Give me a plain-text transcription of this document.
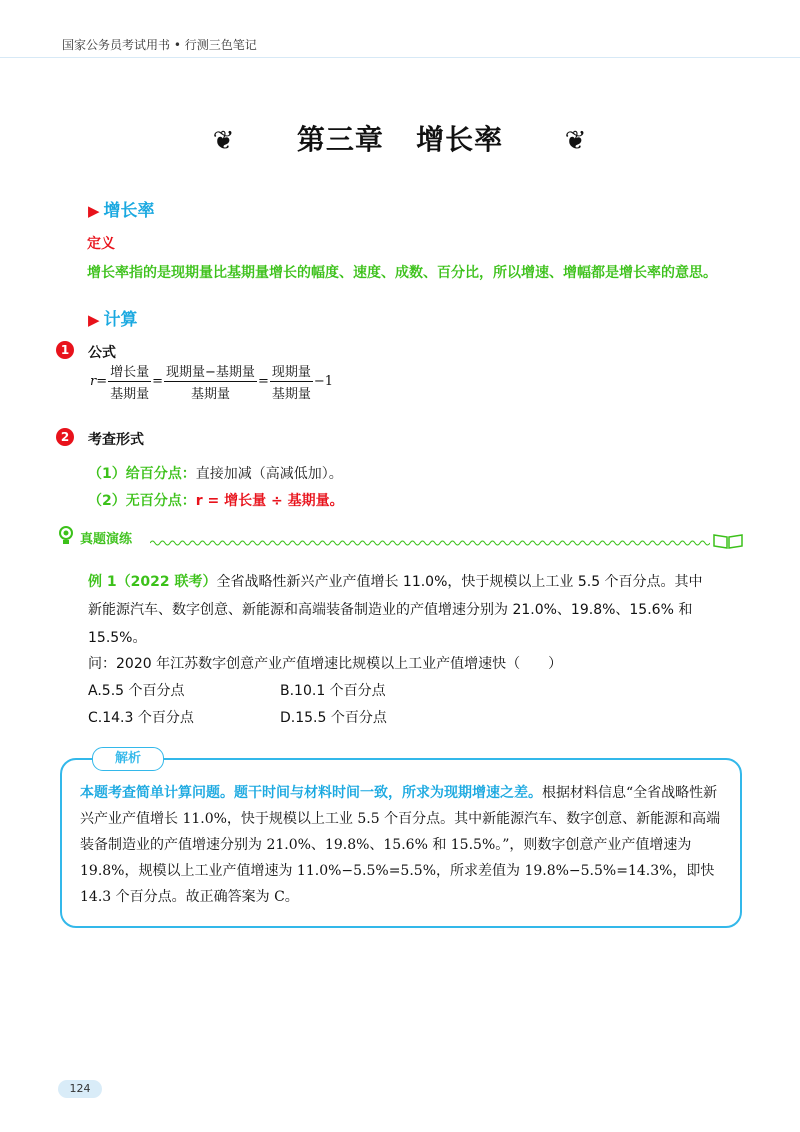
国家公务员考试用书 • 行测三色笔记
❦ 第三章   增长率 ❦
▶ 增长率
定义
增长率指的是现期量比基期量增长的幅度、速度、成数、百分比，所以增速、增幅都是增长率的意思。
▶ 计算
1	公式
$r= \frac{\text{增长量}}{\text{基期量}} = \frac{\text{现期量−基期量}}{\text{基期量}} = \frac{\text{现期量}}{\text{基期量}} -1$
2	考查形式
（1）给百分点：直接加减（高减低加）。
（2）无百分点：r = 增长量 ÷ 基期量。
真题演练
例 1（2022 联考）全省战略性新兴产业产值增长 11.0%，快于规模以上工业 5.5 个百分点。其中
新能源汽车、数字创意、新能源和高端装备制造业的产值增速分别为 21.0%、19.8%、15.6% 和
15.5%。
问：2020 年江苏数字创意产业产值增速比规模以上工业产值增速快（　　）
A.5.5 个百分点	B.10.1 个百分点
C.14.3 个百分点	D.15.5 个百分点
解析
本题考查简单计算问题。题干时间与材料时间一致，所求为现期增速之差。根据材料信息“全省战略性新兴产业产值增长 11.0%，快于规模以上工业 5.5 个百分点。其中新能源汽车、数字创意、新能源和高端装备制造业的产值增速分别为 21.0%、19.8%、15.6% 和 15.5%。”，则数字创意产业产值增速为 19.8%，规模以上工业产值增速为 11.0%−5.5%=5.5%，所求差值为 19.8%−5.5%=14.3%，即快 14.3 个百分点。故正确答案为 C。
124
